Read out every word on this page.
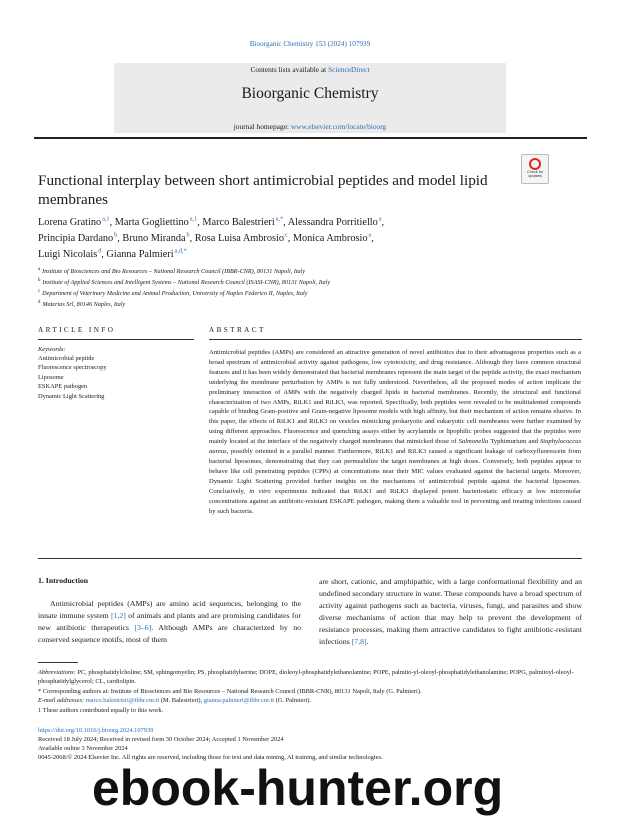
Bioorganic Chemistry 153 (2024) 107939
Contents lists available at ScienceDirect
Bioorganic Chemistry
journal homepage: www.elsevier.com/locate/bioorg
Check for updates
Functional interplay between short antimicrobial peptides and model lipid membranes
Lorena Gratino $^{a,1}$, Marta Gogliettino $^{a,1}$, Marco Balestrieri $^{a,*}$, Alessandra Porritiello $^a$,
Principia Dardano $^b$, Bruno Miranda $^b$, Rosa Luisa Ambrosio $^c$, Monica Ambrosio $^a$,
Luigi Nicolais $^d$, Gianna Palmieri $^{a,d,*}$
$^a$ Institute of Biosciences and Bio Resources – National Research Council (IBBR-CNR), 80131 Napoli, Italy
$^b$ Institute of Applied Sciences and Intelligent Systems – National Research Council (ISASI-CNR), 80131 Napoli, Italy
$^c$ Department of Veterinary Medicine and Animal Production, University of Naples Federico II, Naples, Italy
$^d$ Materias Srl, 80146 Naples, Italy
ARTICLE INFO	ABSTRACT
Keywords:
Antimicrobial peptide
Fluorescence spectroscopy
Liposome
ESKAPE pathogen
Dynamic Light Scattering
Antimicrobial peptides (AMPs) are considered an attractive generation of novel antibiotics due to their advantageous properties such as a broad spectrum of antimicrobial activity against pathogens, low cytotoxicity, and drug resistance. Although they have common structural features and it has been widely demonstrated that bacterial membranes represent the main target of the peptide activity, the exact mechanism underlying the membrane perturbation by AMPs is not fully understood. Nevertheless, all the proposed modes of action implicate the preliminary interaction of AMPs with the negatively charged lipids in bacterial membranes. Recently, the structural and functional characterization of two AMPs, RiLK1 and RiLK3, was reported. Specifically, both peptides were revealed to be multitalented compounds capable of binding Gram-positive and Gram-negative liposome models with high affinity, but their mechanism of action remains elusive. In this paper, the effects of RiLK1 and RiLK3 on vesicles mimicking prokaryotic and eukaryotic cell membranes were further examined by using different approaches. Fluorescence and quenching assays either by acrylamide or lipophilic probes suggested that the peptides were mainly located at the interface of the negatively charged membranes that mimicked those of Salmonella Typhimurium and Staphylococcus aureus, possibly oriented in a parallel manner. Furthermore, RiLK1 and RiLK3 caused a significant leakage of carboxyfluorescein from bacterial liposomes, demonstrating that they can permeabilize the target membranes at high doses. Conversely, both peptides appear to behave like cell penetrating peptides (CPPs) at concentrations near their MIC values evaluated against the bacterial targets. Moreover, Dynamic Light Scattering provided further insights on the mechanisms of antimicrobial peptide against the bacterial liposomes. Conclusively, in vitro experiments indicated that RiLK1 and RiLK3 displayed potent bacteriostatic efficacy at low micromolar concentrations against an antibiotic-resistant ESKAPE pathogen, making them a valuable tool in preventing and treating infections caused by such bacteria.
1. Introduction
Antimicrobial peptides (AMPs) are amino acid sequences, belonging to the innate immune system [1,2] of animals and plants and are promising candidates for new antibiotic therapeutics [3–6]. Although AMPs are characterized by no conserved sequence motifs, most of them
are short, cationic, and amphipathic, with a large conformational flexibility and an undefined secondary structure in water. These compounds have a broad spectrum of activity against pathogens such as bacteria, viruses, fungi, and parasites and show diverse mechanisms of action that may help to prevent the development of resistance processes, making them attractive candidates to fight antibiotic-resistant infections [7,8].
Abbreviations: PC, phosphatidylcholine; SM, sphingomyelin; PS, phosphatidylserine; DOPE, dioleoyl-phosphatidylethanolamine; POPE, palmito-yl-oleoyl-phosphatidylethanolamine; POPG, palmitoyl-oleoyl-phosphatidylglycerol; CL, cardiolipin.
* Corresponding authors at: Institute of Biosciences and Bio Resources – National Research Council (IBBR-CNR), 80131 Napoli, Italy (G. Palmieri).
E-mail addresses: marco.balestrieri@ibbr.cnr.it (M. Balestrieri), gianna.palmieri@ibbr.cnr.it (G. Palmieri).
1 These authors contributed equally to this work.
https://doi.org/10.1016/j.bioorg.2024.107939
Received 18 July 2024; Received in revised form 30 October 2024; Accepted 1 November 2024
Available online 3 November 2024
0045-2068/© 2024 Elsevier Inc. All rights are reserved, including those for text and data mining, AI training, and similar technologies.
ebook-hunter.org
